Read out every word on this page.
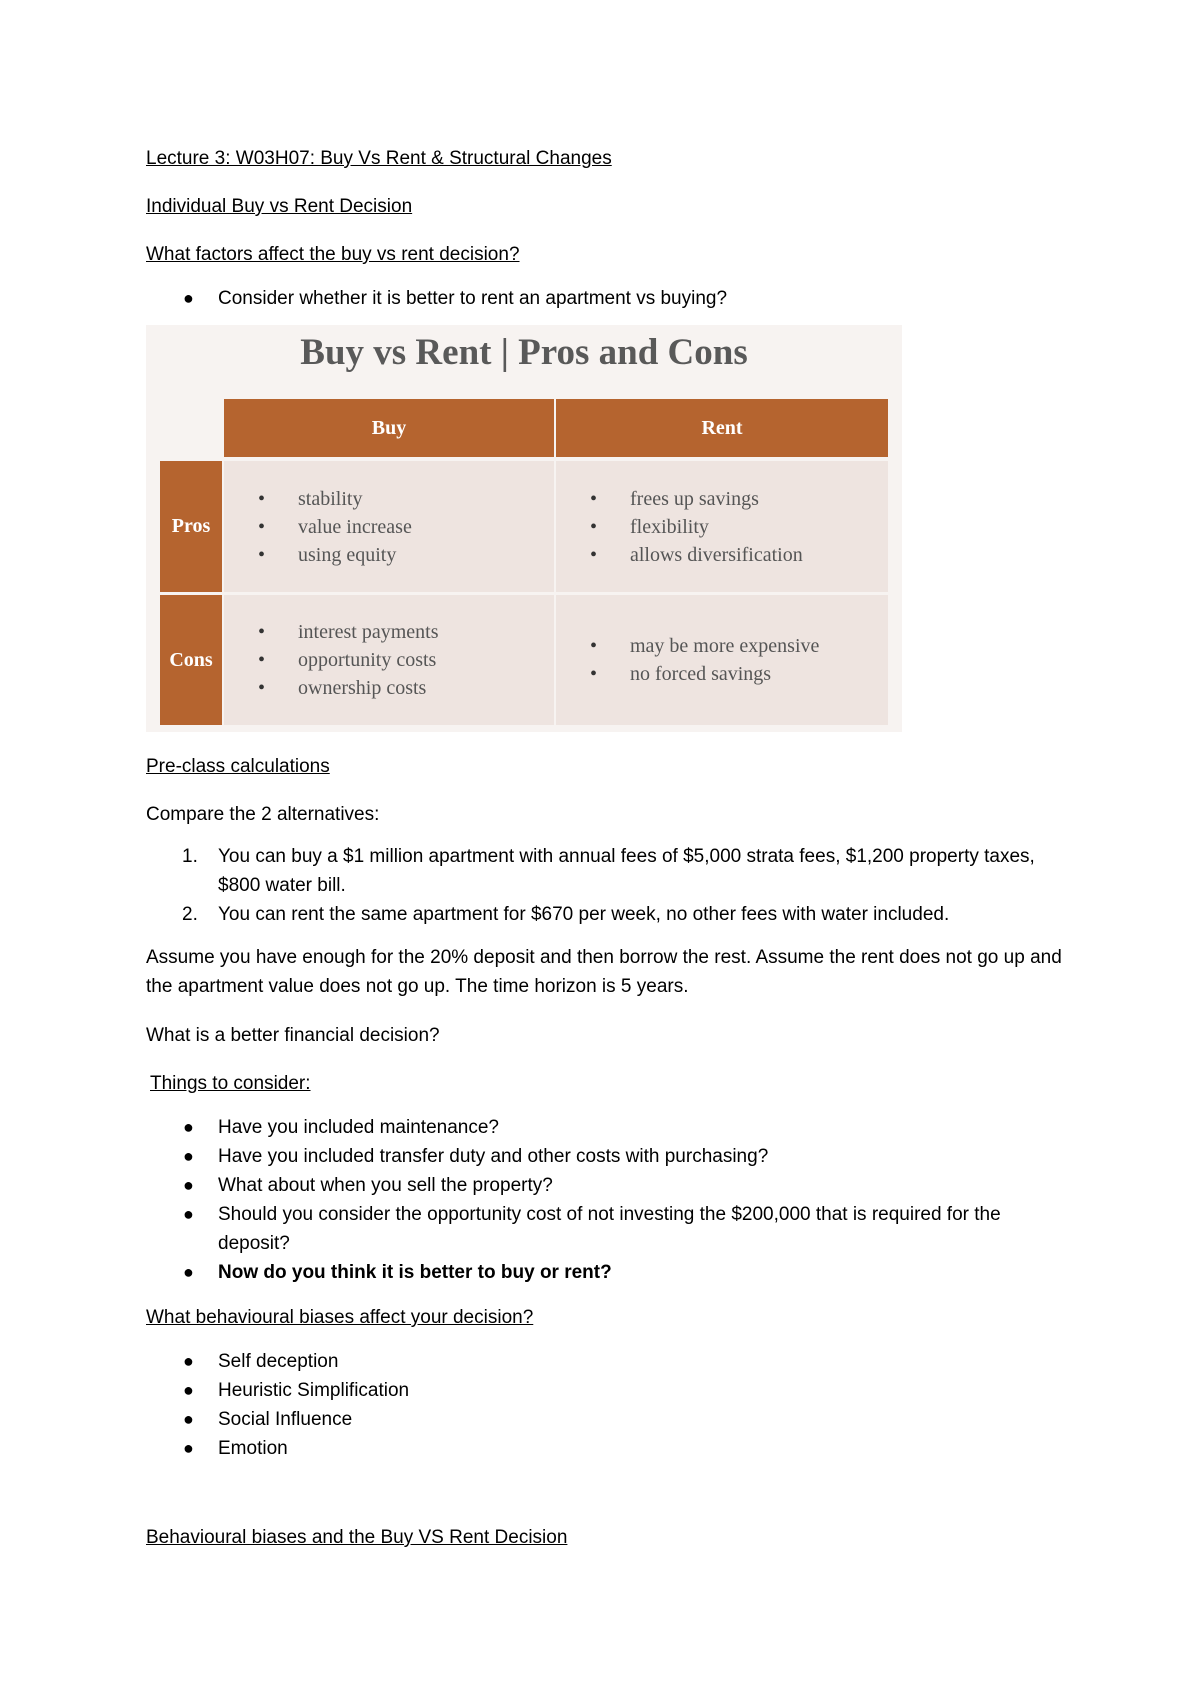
Lecture 3: W03H07: Buy Vs Rent & Structural Changes

Individual Buy vs Rent Decision

What factors affect the buy vs rent decision?

● Consider whether it is better to rent an apartment vs buying?
Buy vs Rent | Pros and Cons
Buy	Rent
Pros
Cons
• stability
• value increase
• using equity
• frees up savings
• flexibility
• allows diversification
• interest payments
• opportunity costs
• ownership costs
• may be more expensive
• no forced savings

Pre-class calculations

Compare the 2 alternatives:

1. You can buy a $1 million apartment with annual fees of $5,000 strata fees, $1,200 property taxes, $800 water bill.
2. You can rent the same apartment for $670 per week, no other fees with water included.

Assume you have enough for the 20% deposit and then borrow the rest. Assume the rent does not go up and the apartment value does not go up. The time horizon is 5 years.

What is a better financial decision?

Things to consider:

● Have you included maintenance?
● Have you included transfer duty and other costs with purchasing?
● What about when you sell the property?
● Should you consider the opportunity cost of not investing the $200,000 that is required for the deposit?
● Now do you think it is better to buy or rent?

What behavioural biases affect your decision?

● Self deception
● Heuristic Simplification
● Social Influence
● Emotion

Behavioural biases and the Buy VS Rent Decision
